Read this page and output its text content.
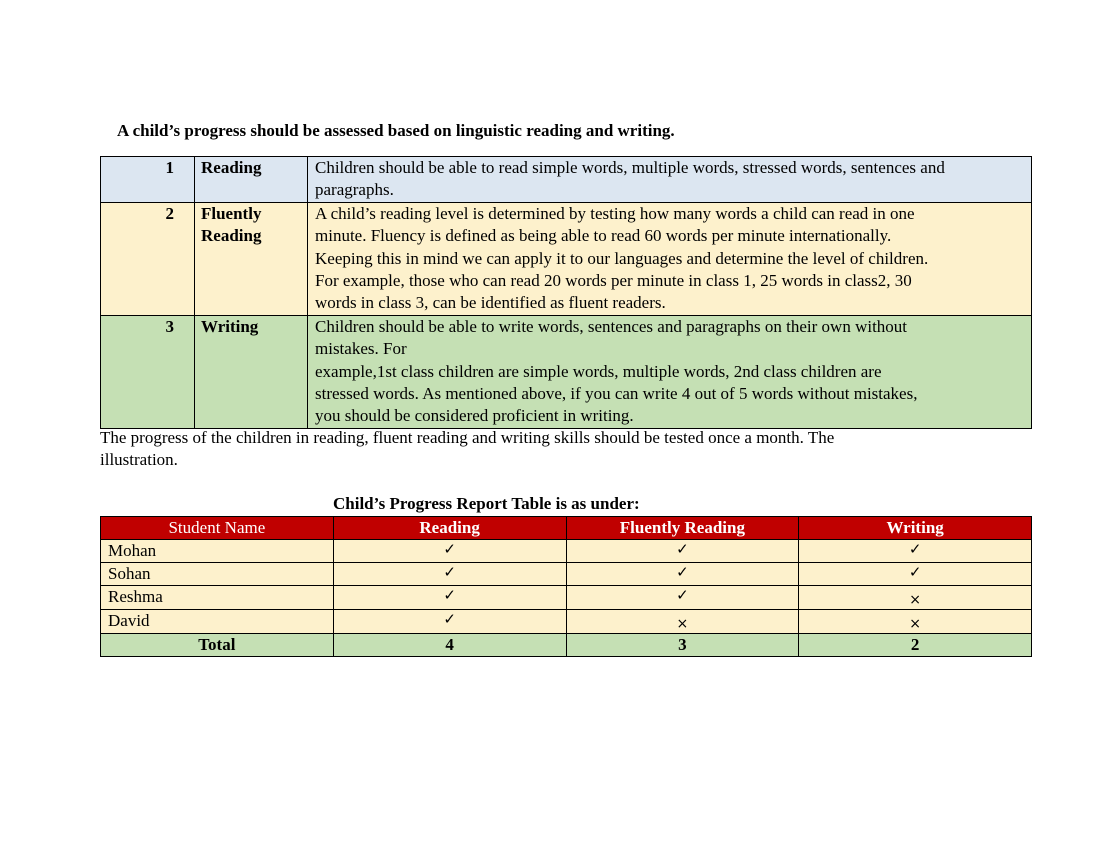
A child’s progress should be assessed based on linguistic reading and writing.
1	Reading	Children should be able to read simple words, multiple words, stressed words, sentences and
paragraphs.

2	Fluently
Reading	A child’s reading level is determined by testing how many words a child can read in one
minute. Fluency is defined as being able to read 60 words per minute internationally.
Keeping this in mind we can apply it to our languages and determine the level of children.
For example, those who can read 20 words per minute in class 1, 25 words in class2, 30
words in class 3, can be identified as fluent readers.

3	Writing	Children should be able to write words, sentences and paragraphs on their own without
mistakes. For
example,1st class children are simple words, multiple words, 2nd class children are
stressed words. As mentioned above, if you can write 4 out of 5 words without mistakes,
you should be considered proficient in writing.
The progress of the children in reading, fluent reading and writing skills should be tested once a month. The
illustration.
Child’s Progress Report Table is as under:
Student Name	Reading	Fluently Reading	Writing
Mohan	✓	✓	✓
Sohan	✓	✓	✓
Reshma	✓	✓	×
David	✓	×	×
Total	4	3	2
